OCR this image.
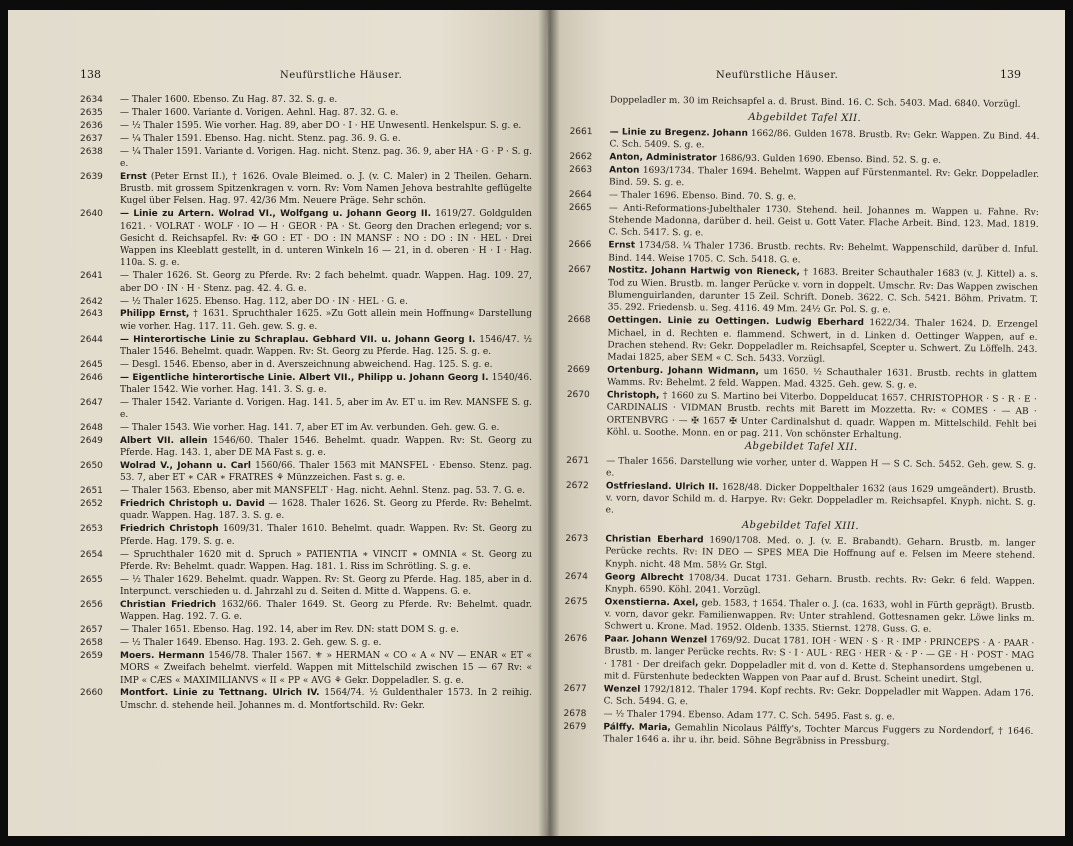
138	Neufürstliche Häuser.
2634 — Thaler 1600. Ebenso. Zu Hag. 87. 32. S. g. e.
2635 — Thaler 1600. Variante d. Vorigen. Aehnl. Hag. 87. 32. G. e.
2636 — ½ Thaler 1595. Wie vorher. Hag. 89, aber DO · I · HE Unwesentl. Henkelspur. S. g. e.
2637 — ¼ Thaler 1591. Ebenso. Hag. nicht. Stenz. pag. 36. 9. G. e.
2638 — ¼ Thaler 1591. Variante d. Vorigen. Hag. nicht. Stenz. pag. 36. 9, aber HA · G · P · S. g. e.
2639 Ernst (Peter Ernst II.), † 1626. Ovale Bleimed. o. J. (v. C. Maler) in 2 Theilen. Geharn. Brustb. mit grossem Spitzenkragen v. vorn. Rv: Vom Namen Jehova bestrahlte geflügelte Kugel über Felsen. Hag. 97. 42/36 Mm. Neuere Präge. Sehr schön.
2640 — Linie zu Artern. Wolrad VI., Wolfgang u. Johann Georg II. 1619/27. Goldgulden 1621. · VOLRAT · WOLF · IO — H · GEOR · PA · St. Georg den Drachen erlegend; vor s. Gesicht d. Reichsapfel. Rv: ✠ GO : ET · DO : IN MANSF : NO : DO : IN · HEL · Drei Wappen ins Kleeblatt gestellt, in d. unteren Winkeln 16 — 21, in d. oberen · H · I · Hag. 110a. S. g. e.
2641 — Thaler 1626. St. Georg zu Pferde. Rv: 2 fach behelmt. quadr. Wappen. Hag. 109. 27, aber DO · IN · H · Stenz. pag. 42. 4. G. e.
2642 — ½ Thaler 1625. Ebenso. Hag. 112, aber DO · IN · HEL · G. e.
2643 Philipp Ernst, † 1631. Spruchthaler 1625. »Zu Gott allein mein Hoffnung« Darstellung wie vorher. Hag. 117. 11. Geh. gew. S. g. e.
2644 — Hinterortische Linie zu Schraplau. Gebhard VII. u. Johann Georg I. 1546/47. ½ Thaler 1546. Behelmt. quadr. Wappen. Rv: St. Georg zu Pferde. Hag. 125. S. g. e.
2645 — Desgl. 1546. Ebenso, aber in d. Averszeichnung abweichend. Hag. 125. S. g. e.
2646 — Eigentliche hinterortische Linie. Albert VII., Philipp u. Johann Georg I. 1540/46. Thaler 1542. Wie vorher. Hag. 141. 3. S. g. e.
2647 — Thaler 1542. Variante d. Vorigen. Hag. 141. 5, aber im Av. ET u. im Rev. MANSFE S. g. e.
2648 — Thaler 1543. Wie vorher. Hag. 141. 7, aber ET im Av. verbunden. Geh. gew. G. e.
2649 Albert VII. allein 1546/60. Thaler 1546. Behelmt. quadr. Wappen. Rv: St. Georg zu Pferde. Hag. 143. 1, aber DE MA Fast s. g. e.
2650 Wolrad V., Johann u. Carl 1560/66. Thaler 1563 mit MANSFEL · Ebenso. Stenz. pag. 53. 7, aber ET ∗ CAR ∗ FRATRES ⚘ Münzzeichen. Fast s. g. e.
2651 — Thaler 1563. Ebenso, aber mit MANSFELT · Hag. nicht. Aehnl. Stenz. pag. 53. 7. G. e.
2652 Friedrich Christoph u. David — 1628. Thaler 1626. St. Georg zu Pferde. Rv: Behelmt. quadr. Wappen. Hag. 187. 3. S. g. e.
2653 Friedrich Christoph 1609/31. Thaler 1610. Behelmt. quadr. Wappen. Rv: St. Georg zu Pferde. Hag. 179. S. g. e.
2654 — Spruchthaler 1620 mit d. Spruch » PATIENTIA ∗ VINCIT ∗ OMNIA « St. Georg zu Pferde. Rv: Behelmt. quadr. Wappen. Hag. 181. 1. Riss im Schrötling. S. g. e.
2655 — ½ Thaler 1629. Behelmt. quadr. Wappen. Rv: St. Georg zu Pferde. Hag. 185, aber in d. Interpunct. verschieden u. d. Jahrzahl zu d. Seiten d. Mitte d. Wappens. G. e.
2656 Christian Friedrich 1632/66. Thaler 1649. St. Georg zu Pferde. Rv: Behelmt. quadr. Wappen. Hag. 192. 7. G. e.
2657 — Thaler 1651. Ebenso. Hag. 192. 14, aber im Rev. DN: statt DOM S. g. e.
2658 — ½ Thaler 1649. Ebenso. Hag. 193. 2. Geh. gew. S. g. e.
2659 Moers. Hermann 1546/78. Thaler 1567. ⚜ » HERMAN « CO « A « NV — ENAR « ET « MORS « Zweifach behelmt. vierfeld. Wappen mit Mittelschild zwischen 15 — 67 Rv: « IMP « CÆS « MAXIMILIANVS « II « PP « AVG ⚘ Gekr. Doppeladler. S. g. e.
2660 Montfort. Linie zu Tettnang. Ulrich IV. 1564/74. ½ Guldenthaler 1573. In 2 reihig. Umschr. d. stehende heil. Johannes m. d. Montfortschild. Rv: Gekr.
Neufürstliche Häuser.	139
Doppeladler m. 30 im Reichsapfel a. d. Brust. Bind. 16. C. Sch. 5403. Mad. 6840. Vorzügl.
Abgebildet Tafel XII.
2661 — Linie zu Bregenz. Johann 1662/86. Gulden 1678. Brustb. Rv: Gekr. Wappen. Zu Bind. 44. C. Sch. 5409. S. g. e.
2662 Anton, Administrator 1686/93. Gulden 1690. Ebenso. Bind. 52. S. g. e.
2663 Anton 1693/1734. Thaler 1694. Behelmt. Wappen auf Fürstenmantel. Rv: Gekr. Doppeladler. Bind. 59. S. g. e.
2664 — Thaler 1696. Ebenso. Bind. 70. S. g. e.
2665 — Anti-Reformations-Jubelthaler 1730. Stehend. heil. Johannes m. Wappen u. Fahne. Rv: Stehende Madonna, darüber d. heil. Geist u. Gott Vater. Flache Arbeit. Bind. 123. Mad. 1819. C. Sch. 5417. S. g. e.
2666 Ernst 1734/58. ¼ Thaler 1736. Brustb. rechts. Rv: Behelmt. Wappenschild, darüber d. Inful. Bind. 144. Weise 1705. C. Sch. 5418. G. e.
2667 Nostitz. Johann Hartwig von Rieneck, † 1683. Breiter Schauthaler 1683 (v. J. Kittel) a. s. Tod zu Wien. Brustb. m. langer Perücke v. vorn in doppelt. Umschr. Rv: Das Wappen zwischen Blumenguirlanden, darunter 15 Zeil. Schrift. Doneb. 3622. C. Sch. 5421. Böhm. Privatm. T. 35. 292. Friedensb. u. Seg. 4116. 49 Mm. 24½ Gr. Pol. S. g. e.
2668 Oettingen. Linie zu Oettingen. Ludwig Eberhard 1622/34. Thaler 1624. D. Erzengel Michael, in d. Rechten e. flammend. Schwert, in d. Linken d. Oettinger Wappen, auf e. Drachen stehend. Rv: Gekr. Doppeladler m. Reichsapfel, Scepter u. Schwert. Zu Löffelh. 243. Madai 1825, aber SEM « C. Sch. 5433. Vorzügl.
2669 Ortenburg. Johann Widmann, um 1650. ½ Schauthaler 1631. Brustb. rechts in glattem Wamms. Rv: Behelmt. 2 feld. Wappen. Mad. 4325. Geh. gew. S. g. e.
2670 Christoph, † 1660 zu S. Martino bei Viterbo. Doppelducat 1657. CHRISTOPHOR · S · R · E · CARDINALIS · VIDMAN Brustb. rechts mit Barett im Mozzetta. Rv: « COMES · — AB · ORTENBVRG · — ✠ 1657 ✠ Unter Cardinalshut d. quadr. Wappen m. Mittelschild. Fehlt bei Köhl. u. Soothe. Monn. en or pag. 211. Von schönster Erhaltung.
Abgebildet Tafel XII.
2671 — Thaler 1656. Darstellung wie vorher, unter d. Wappen H — S C. Sch. 5452. Geh. gew. S. g. e.
2672 Ostfriesland. Ulrich II. 1628/48. Dicker Doppelthaler 1632 (aus 1629 umgeändert). Brustb. v. vorn, davor Schild m. d. Harpye. Rv: Gekr. Doppeladler m. Reichsapfel. Knyph. nicht. S. g. e.
Abgebildet Tafel XIII.
2673 Christian Eberhard 1690/1708. Med. o. J. (v. E. Brabandt). Geharn. Brustb. m. langer Perücke rechts. Rv: IN DEO — SPES MEA Die Hoffnung auf e. Felsen im Meere stehend. Knyph. nicht. 48 Mm. 58½ Gr. Stgl.
2674 Georg Albrecht 1708/34. Ducat 1731. Geharn. Brustb. rechts. Rv: Gekr. 6 feld. Wappen. Knyph. 6590. Köhl. 2041. Vorzügl.
2675 Oxenstierna. Axel, geb. 1583, † 1654. Thaler o. J. (ca. 1633, wohl in Fürth geprägt). Brustb. v. vorn, davor gekr. Familienwappen. Rv: Unter strahlend. Gottesnamen gekr. Löwe links m. Schwert u. Krone. Mad. 1952. Oldenb. 1335. Stiernst. 1278. Guss. G. e.
2676 Paar. Johann Wenzel 1769/92. Ducat 1781. IOH · WEN · S · R · IMP · PRINCEPS · A · PAAR · Brustb. m. langer Perücke rechts. Rv: S · I · AUL · REG · HER · & · P · — GE · H · POST · MAG · 1781 · Der dreifach gekr. Doppeladler mit d. von d. Kette d. Stephansordens umgebenen u. mit d. Fürstenhute bedeckten Wappen von Paar auf d. Brust. Scheint unedirt. Stgl.
2677 Wenzel 1792/1812. Thaler 1794. Kopf rechts. Rv: Gekr. Doppeladler mit Wappen. Adam 176. C. Sch. 5494. G. e.
2678 — ½ Thaler 1794. Ebenso. Adam 177. C. Sch. 5495. Fast s. g. e.
2679 Pálffy. Maria, Gemahlin Nicolaus Pálffy's, Tochter Marcus Fuggers zu Nordendorf, † 1646. Thaler 1646 a. ihr u. ihr. beid. Söhne Begräbniss in Pressburg.
